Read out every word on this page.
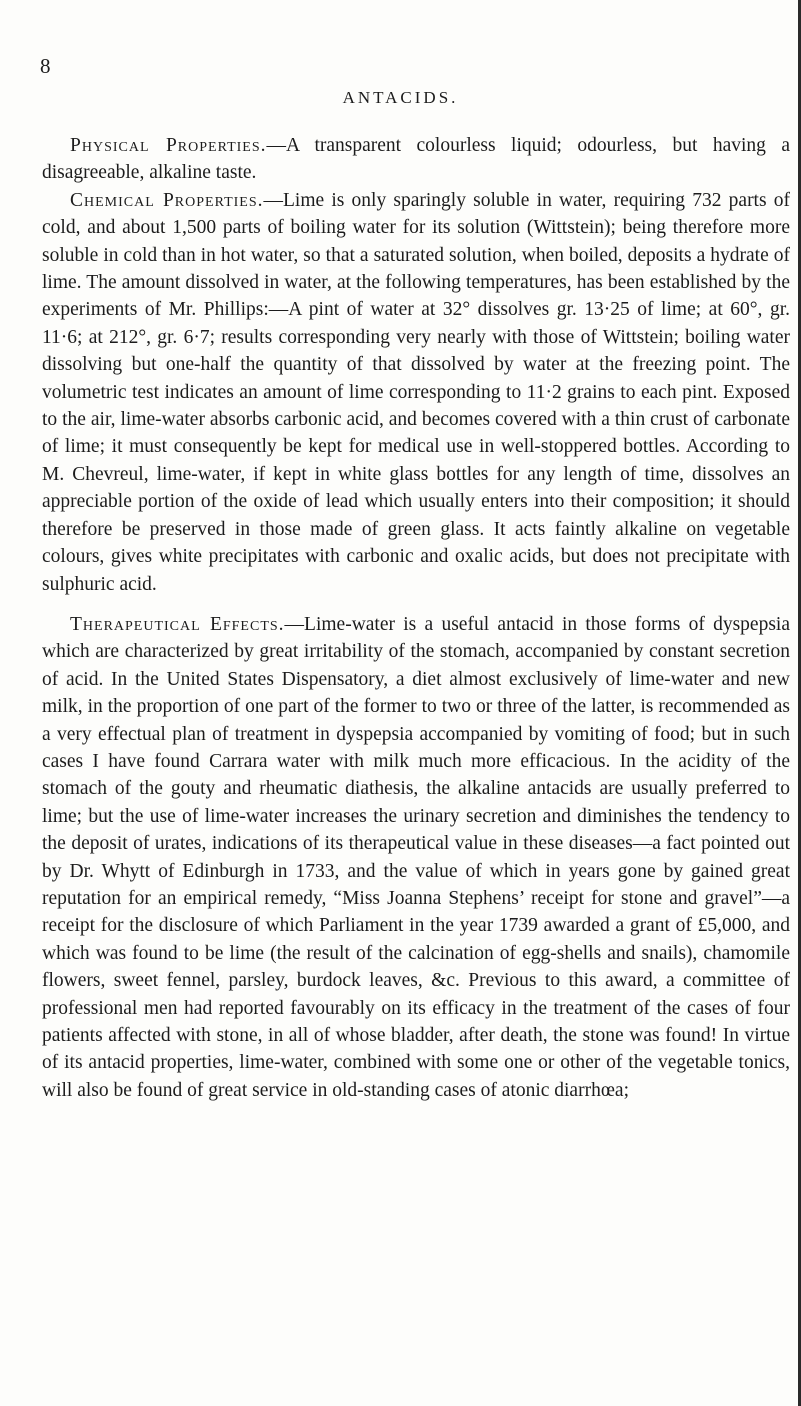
8
ANTACIDS.

Physical Properties.—A transparent colourless liquid; odourless, but having a disagreeable, alkaline taste.

Chemical Properties.—Lime is only sparingly soluble in water, requiring 732 parts of cold, and about 1,500 parts of boiling water for its solution (Wittstein); being therefore more soluble in cold than in hot water, so that a saturated solution, when boiled, deposits a hydrate of lime. The amount dissolved in water, at the following temperatures, has been established by the experiments of Mr. Phillips:—A pint of water at 32° dissolves gr. 13·25 of lime; at 60°, gr. 11·6; at 212°, gr. 6·7; results corresponding very nearly with those of Wittstein; boiling water dissolving but one-half the quantity of that dissolved by water at the freezing point. The volumetric test indicates an amount of lime corresponding to 11·2 grains to each pint. Exposed to the air, lime-water absorbs carbonic acid, and becomes covered with a thin crust of carbonate of lime; it must consequently be kept for medical use in well-stoppered bottles. According to M. Chevreul, lime-water, if kept in white glass bottles for any length of time, dissolves an appreciable portion of the oxide of lead which usually enters into their composition; it should therefore be preserved in those made of green glass. It acts faintly alkaline on vegetable colours, gives white precipitates with carbonic and oxalic acids, but does not precipitate with sulphuric acid.

Therapeutical Effects.—Lime-water is a useful antacid in those forms of dyspepsia which are characterized by great irritability of the stomach, accompanied by constant secretion of acid. In the United States Dispensatory, a diet almost exclusively of lime-water and new milk, in the proportion of one part of the former to two or three of the latter, is recommended as a very effectual plan of treatment in dyspepsia accompanied by vomiting of food; but in such cases I have found Carrara water with milk much more efficacious. In the acidity of the stomach of the gouty and rheumatic diathesis, the alkaline antacids are usually preferred to lime; but the use of lime-water increases the urinary secretion and diminishes the tendency to the deposit of urates, indications of its therapeutical value in these diseases—a fact pointed out by Dr. Whytt of Edinburgh in 1733, and the value of which in years gone by gained great reputation for an empirical remedy, “Miss Joanna Stephens’ receipt for stone and gravel”—a receipt for the disclosure of which Parliament in the year 1739 awarded a grant of £5,000, and which was found to be lime (the result of the calcination of egg-shells and snails), chamomile flowers, sweet fennel, parsley, burdock leaves, &c. Previous to this award, a committee of professional men had reported favourably on its efficacy in the treatment of the cases of four patients affected with stone, in all of whose bladder, after death, the stone was found! In virtue of its antacid properties, lime-water, combined with some one or other of the vegetable tonics, will also be found of great service in old-standing cases of atonic diarrhœa;
